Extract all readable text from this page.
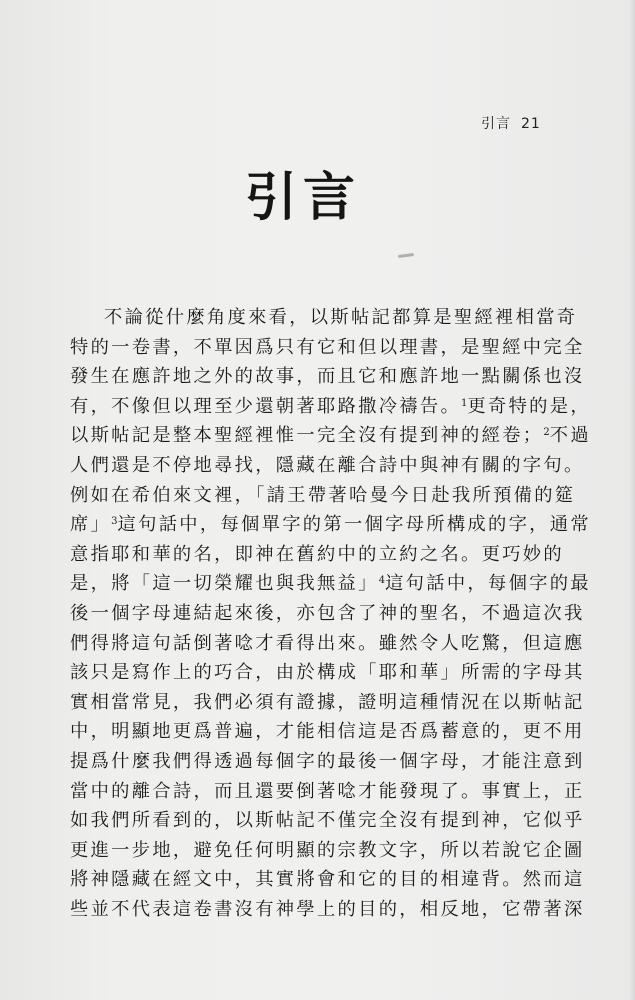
引言 21
引言
不論從什麼角度來看，以斯帖記都算是聖經裡相當奇
特的一卷書，不單因爲只有它和但以理書，是聖經中完全
發生在應許地之外的故事，而且它和應許地一點關係也沒
有，不像但以理至少還朝著耶路撒冷禱告。$^1$更奇特的是，
以斯帖記是整本聖經裡惟一完全沒有提到神的經卷；$^2$不過
人們還是不停地尋找，隱藏在離合詩中與神有關的字句。
例如在希伯來文裡，「請王帶著哈曼今日赴我所預備的筵
席」$^3$這句話中，每個單字的第一個字母所構成的字，通常
意指耶和華的名，即神在舊約中的立約之名。更巧妙的
是，將「這一切榮耀也與我無益」$^4$這句話中，每個字的最
後一個字母連結起來後，亦包含了神的聖名，不過這次我
們得將這句話倒著唸才看得出來。雖然令人吃驚，但這應
該只是寫作上的巧合，由於構成「耶和華」所需的字母其
實相當常見，我們必須有證據，證明這種情況在以斯帖記
中，明顯地更爲普遍，才能相信這是否爲蓄意的，更不用
提爲什麼我們得透過每個字的最後一個字母，才能注意到
當中的離合詩，而且還要倒著唸才能發現了。事實上，正
如我們所看到的，以斯帖記不僅完全沒有提到神，它似乎
更進一步地，避免任何明顯的宗教文字，所以若說它企圖
將神隱藏在經文中，其實將會和它的目的相違背。然而這
些並不代表這卷書沒有神學上的目的，相反地，它帶著深
